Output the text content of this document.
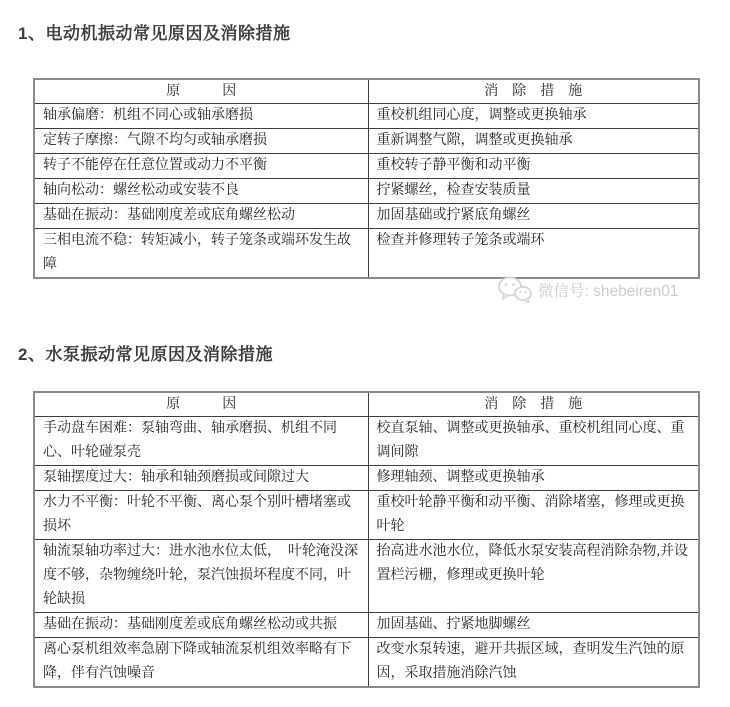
1、电动机振动常见原因及消除措施
原　　　因	消　除　措　施
轴承偏磨：机组不同心或轴承磨损	重校机组同心度，调整或更换轴承
定转子摩擦：气隙不均匀或轴承磨损	重新调整气隙，调整或更换轴承
转子不能停在任意位置或动力不平衡	重校转子静平衡和动平衡
轴向松动：螺丝松动或安装不良	拧紧螺丝，检查安装质量
基础在振动：基础刚度差或底角螺丝松动	加固基础或拧紧底角螺丝
三相电流不稳：转矩减小，转子笼条或端环发生故障	检查并修理转子笼条或端环
微信号: shebeiren01
2、水泵振动常见原因及消除措施
原　　　因	消　除　措　施
手动盘车困难：泵轴弯曲、轴承磨损、机组不同心、叶轮碰泵壳	校直泵轴、调整或更换轴承、重校机组同心度、重调间隙
泵轴摆度过大：轴承和轴颈磨损或间隙过大	修理轴颈、调整或更换轴承
水力不平衡：叶轮不平衡、离心泵个别叶槽堵塞或损坏	重校叶轮静平衡和动平衡、消除堵塞，修理或更换叶轮
轴流泵轴功率过大：进水池水位太低，　叶轮淹没深度不够，杂物缠绕叶轮，泵汽蚀损坏程度不同，叶轮缺损	抬高进水池水位，降低水泵安装高程消除杂物,并设置栏污栅，修理或更换叶轮
基础在振动：基础刚度差或底角螺丝松动或共振	加固基础、拧紧地脚螺丝
离心泵机组效率急剧下降或轴流泵机组效率略有下降，伴有汽蚀噪音	改变水泵转速，避开共振区域，查明发生汽蚀的原因，采取措施消除汽蚀
